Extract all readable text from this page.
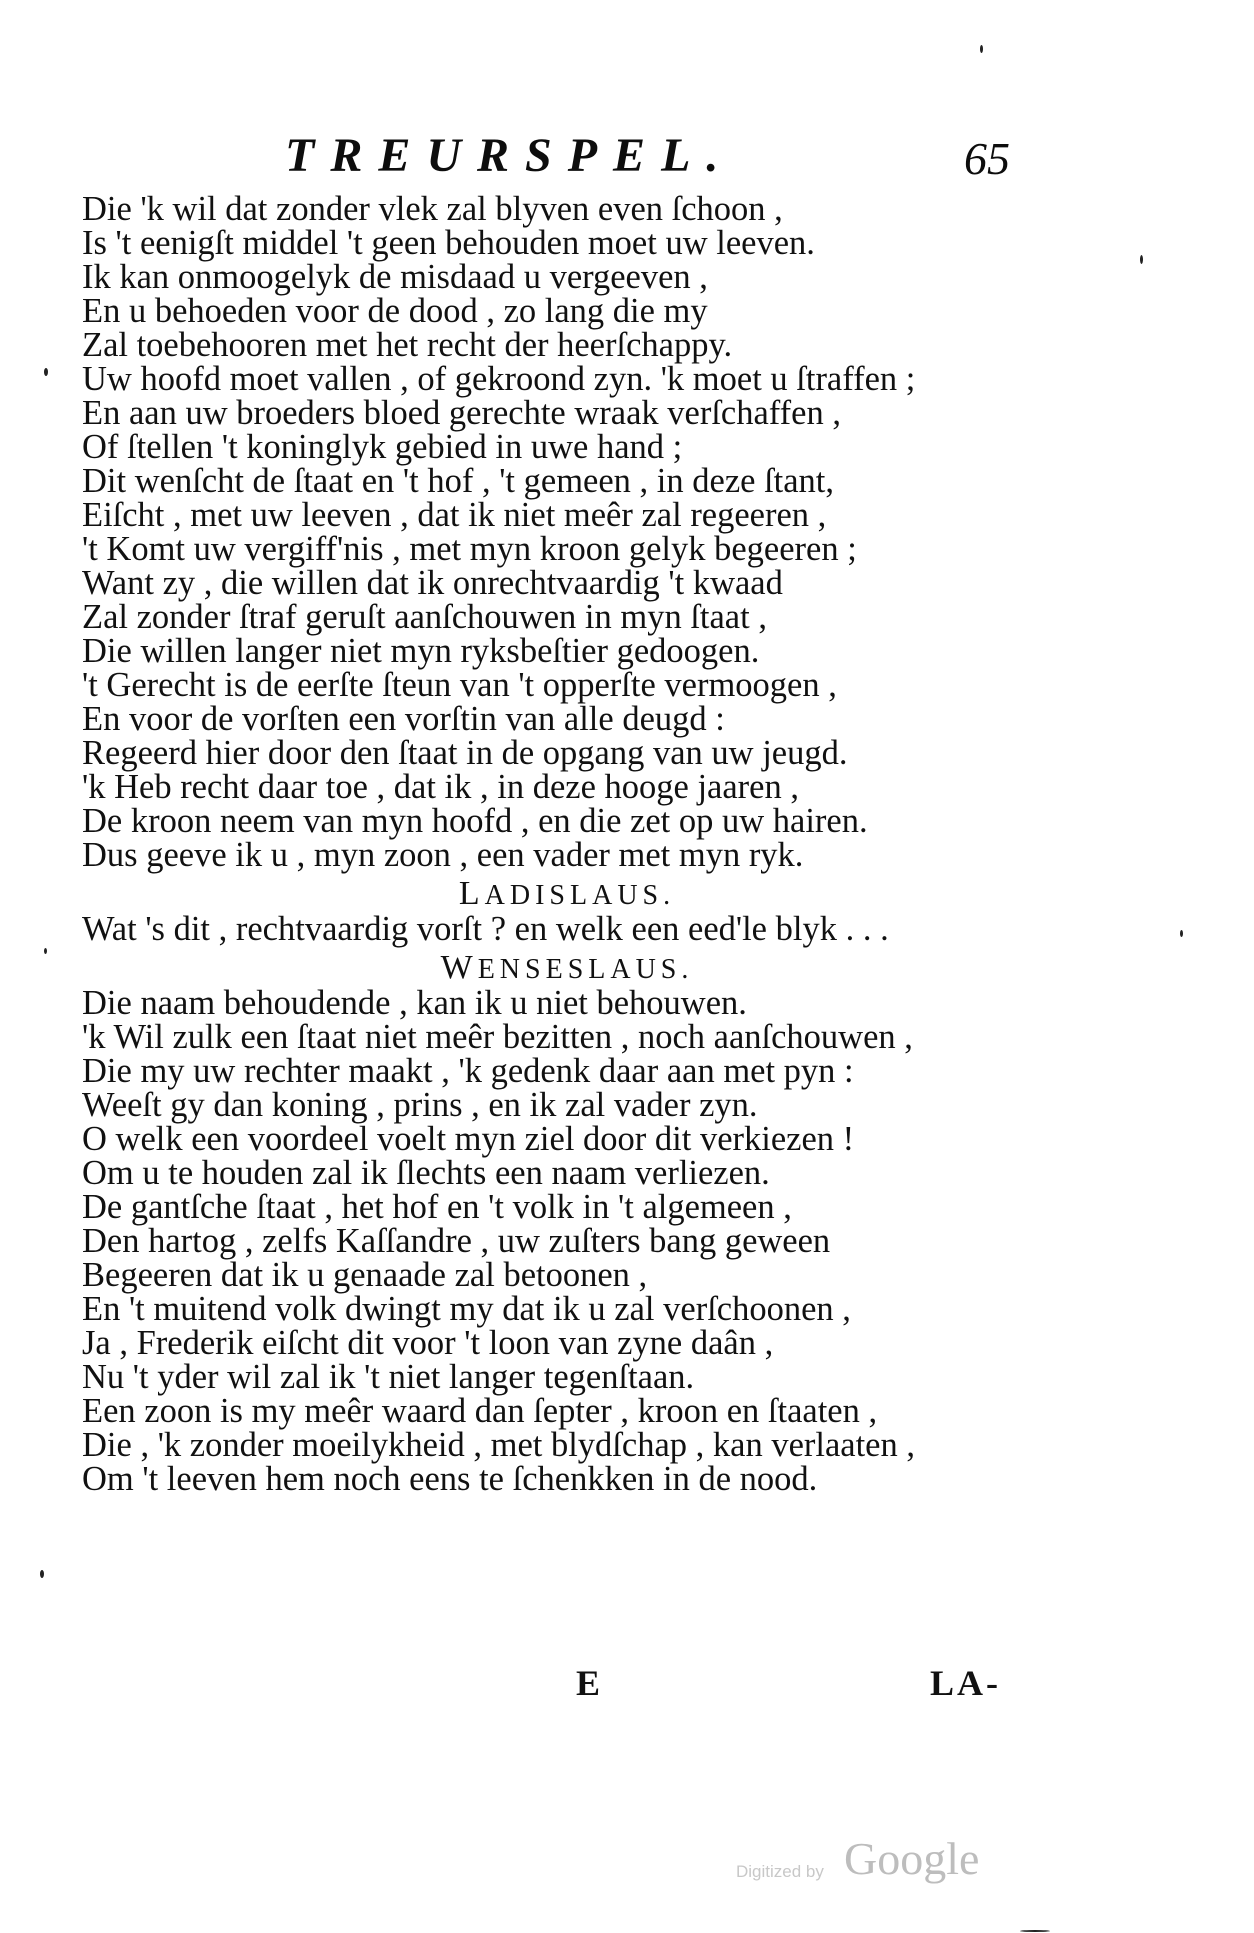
TREURSPEL.	65
Die 'k wil dat zonder vlek zal blyven even ſchoon ,
Is 't eenigſt middel 't geen behouden moet uw leeven.
Ik kan onmoogelyk de misdaad u vergeeven ,
En u behoeden voor de dood , zo lang die my
Zal toebehooren met het recht der heerſchappy.
Uw hoofd moet vallen , of gekroond zyn. 'k moet u ſtraffen ;
En aan uw broeders bloed gerechte wraak verſchaffen ,
Of ſtellen 't koninglyk gebied in uwe hand ;
Dit wenſcht de ſtaat en 't hof , 't gemeen , in deze ſtant,
Eiſcht , met uw leeven , dat ik niet meêr zal regeeren ,
't Komt uw vergiff'nis , met myn kroon gelyk begeeren ;
Want zy , die willen dat ik onrechtvaardig 't kwaad
Zal zonder ſtraf geruſt aanſchouwen in myn ſtaat ,
Die willen langer niet myn ryksbeſtier gedoogen.
't Gerecht is de eerſte ſteun van 't opperſte vermoogen ,
En voor de vorſten een vorſtin van alle deugd :
Regeerd hier door den ſtaat in de opgang van uw jeugd.
'k Heb recht daar toe , dat ik , in deze hooge jaaren ,
De kroon neem van myn hoofd , en die zet op uw hairen.
Dus geeve ik u , myn zoon , een vader met myn ryk.
LADISLAUS.
Wat 's dit , rechtvaardig vorſt ? en welk een eed'le blyk . . .
WENSESLAUS.
Die naam behoudende , kan ik u niet behouwen.
'k Wil zulk een ſtaat niet meêr bezitten , noch aanſchouwen ,
Die my uw rechter maakt , 'k gedenk daar aan met pyn :
Weeſt gy dan koning , prins , en ik zal vader zyn.
O welk een voordeel voelt myn ziel door dit verkiezen !
Om u te houden zal ik ſlechts een naam verliezen.
De gantſche ſtaat , het hof en 't volk in 't algemeen ,
Den hartog , zelfs Kaſſandre , uw zuſters bang geween
Begeeren dat ik u genaade zal betoonen ,
En 't muitend volk dwingt my dat ik u zal verſchoonen ,
Ja , Frederik eiſcht dit voor 't loon van zyne daân ,
Nu 't yder wil zal ik 't niet langer tegenſtaan.
Een zoon is my meêr waard dan ſepter , kroon en ſtaaten ,
Die , 'k zonder moeilykheid , met blydſchap , kan verlaaten ,
Om 't leeven hem noch eens te ſchenkken in de nood.
E	LA-
Digitized by Google
